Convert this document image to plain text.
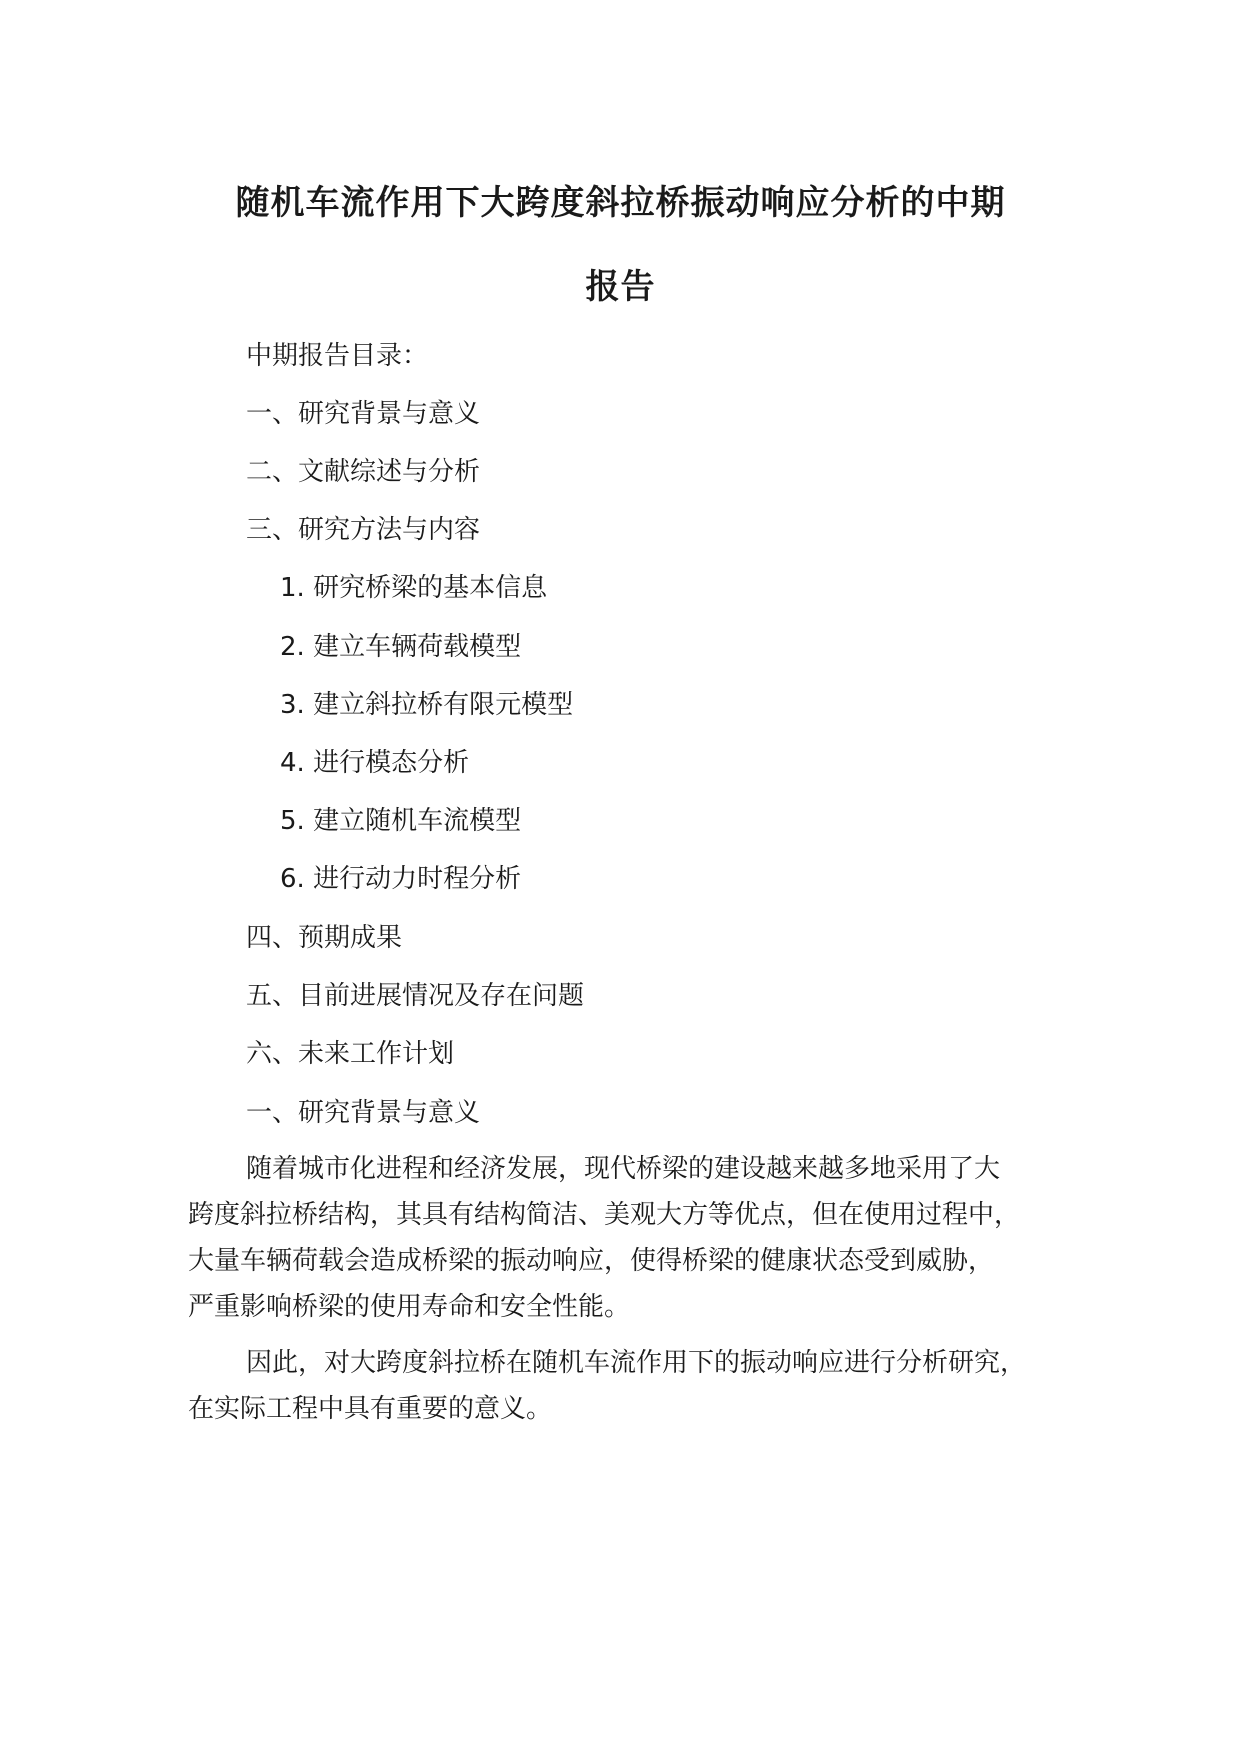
随机车流作用下大跨度斜拉桥振动响应分析的中期
报告

中期报告目录：

一、研究背景与意义

二、文献综述与分析

三、研究方法与内容

1. 研究桥梁的基本信息

2. 建立车辆荷载模型

3. 建立斜拉桥有限元模型

4. 进行模态分析

5. 建立随机车流模型

6. 进行动力时程分析

四、预期成果

五、目前进展情况及存在问题

六、未来工作计划

一、研究背景与意义

随着城市化进程和经济发展，现代桥梁的建设越来越多地采用了大
跨度斜拉桥结构，其具有结构简洁、美观大方等优点，但在使用过程中，
大量车辆荷载会造成桥梁的振动响应，使得桥梁的健康状态受到威胁，
严重影响桥梁的使用寿命和安全性能。
因此，对大跨度斜拉桥在随机车流作用下的振动响应进行分析研究，
在实际工程中具有重要的意义。
